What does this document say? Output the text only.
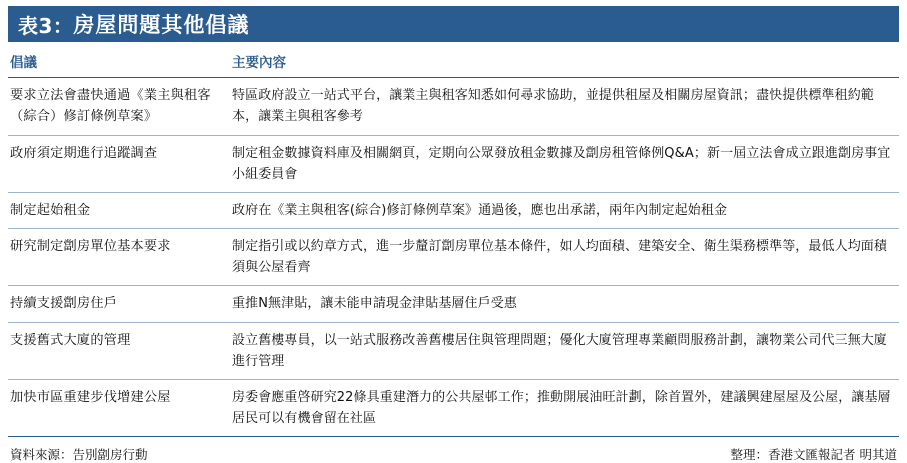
表3： 房屋問題其他倡議
倡議	主要內容
要求立法會盡快通過《業主與租客（綜合）修訂條例草案》	特區政府設立一站式平台，讓業主與租客知悉如何尋求協助，並提供租屋及相關房屋資訊；盡快提供標準租約範本，讓業主與租客參考
政府須定期進行追蹤調查	制定租金數據資料庫及相關網頁，定期向公眾發放租金數據及劏房租管條例Q&A；新一屆立法會成立跟進劏房事宜小組委員會
制定起始租金	政府在《業主與租客(綜合)修訂條例草案》通過後，應也出承諾，兩年內制定起始租金
研究制定劏房單位基本要求	制定指引或以約章方式，進一步釐訂劏房單位基本條件，如人均面積、建築安全、衛生渠務標準等，最低人均面積須與公屋看齊
持續支援劏房住戶	重推N無津貼，讓未能申請現金津貼基層住戶受惠
支援舊式大廈的管理	設立舊樓專員，以一站式服務改善舊樓居住與管理問題；優化大廈管理專業顧問服務計劃，讓物業公司代三無大廈進行管理
加快市區重建步伐增建公屋	房委會應重啓研究22條具重建潛力的公共屋邨工作；推動開展油旺計劃，除首置外，建議興建屋屋及公屋，讓基層居民可以有機會留在社區
資料來源：告別劏房行動	整理：香港文匯報記者 明其道
